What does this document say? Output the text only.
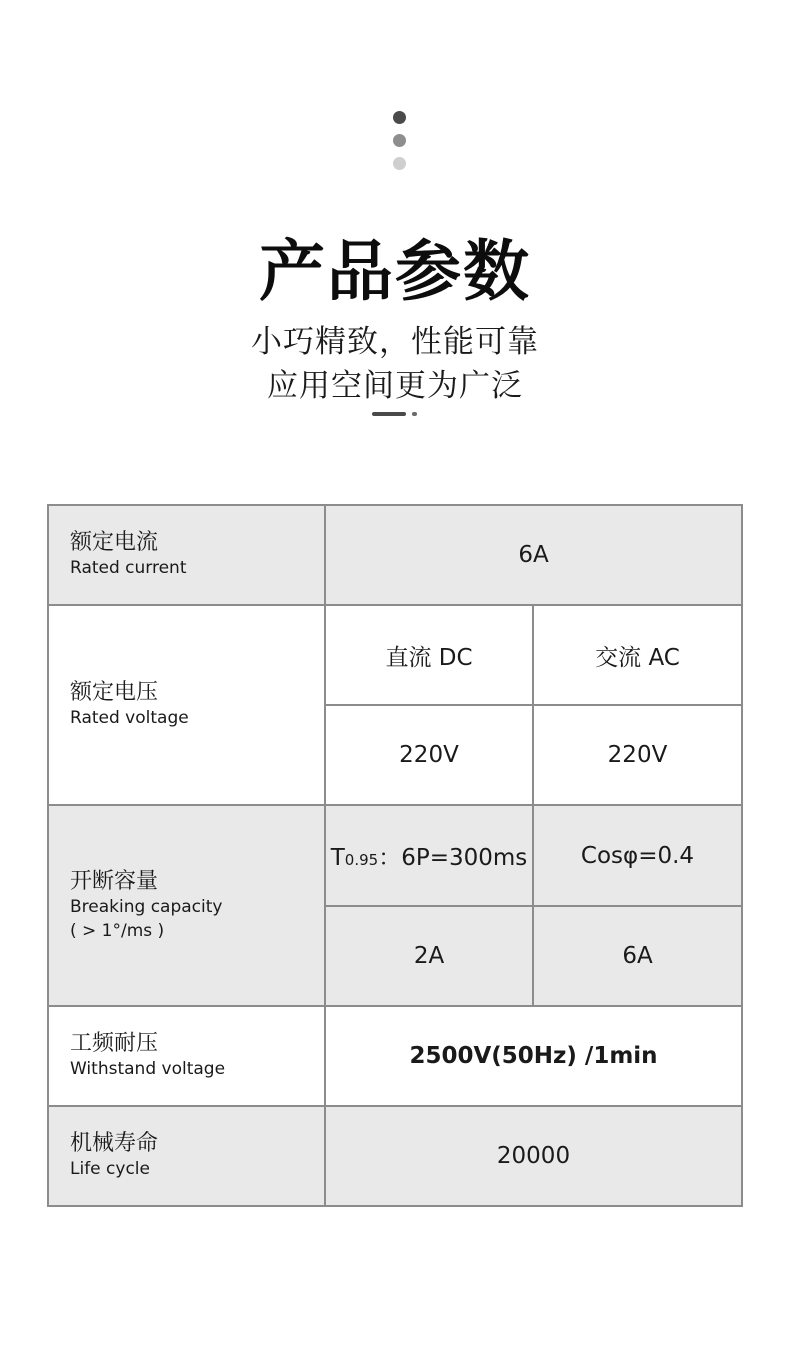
产品参数
小巧精致，性能可靠
应用空间更为广泛
额定电流
Rated current	6A	

额定电压
Rated voltage	直流 DC	交流 AC
	220V	220V

开断容量
Breaking capacity
( > 1°/ms )	T0.95：6P=300ms	Cosφ=0.4
	2A	6A

工频耐压
Withstand voltage	2500V(50Hz) /1min	

机械寿命
Life cycle	20000	
